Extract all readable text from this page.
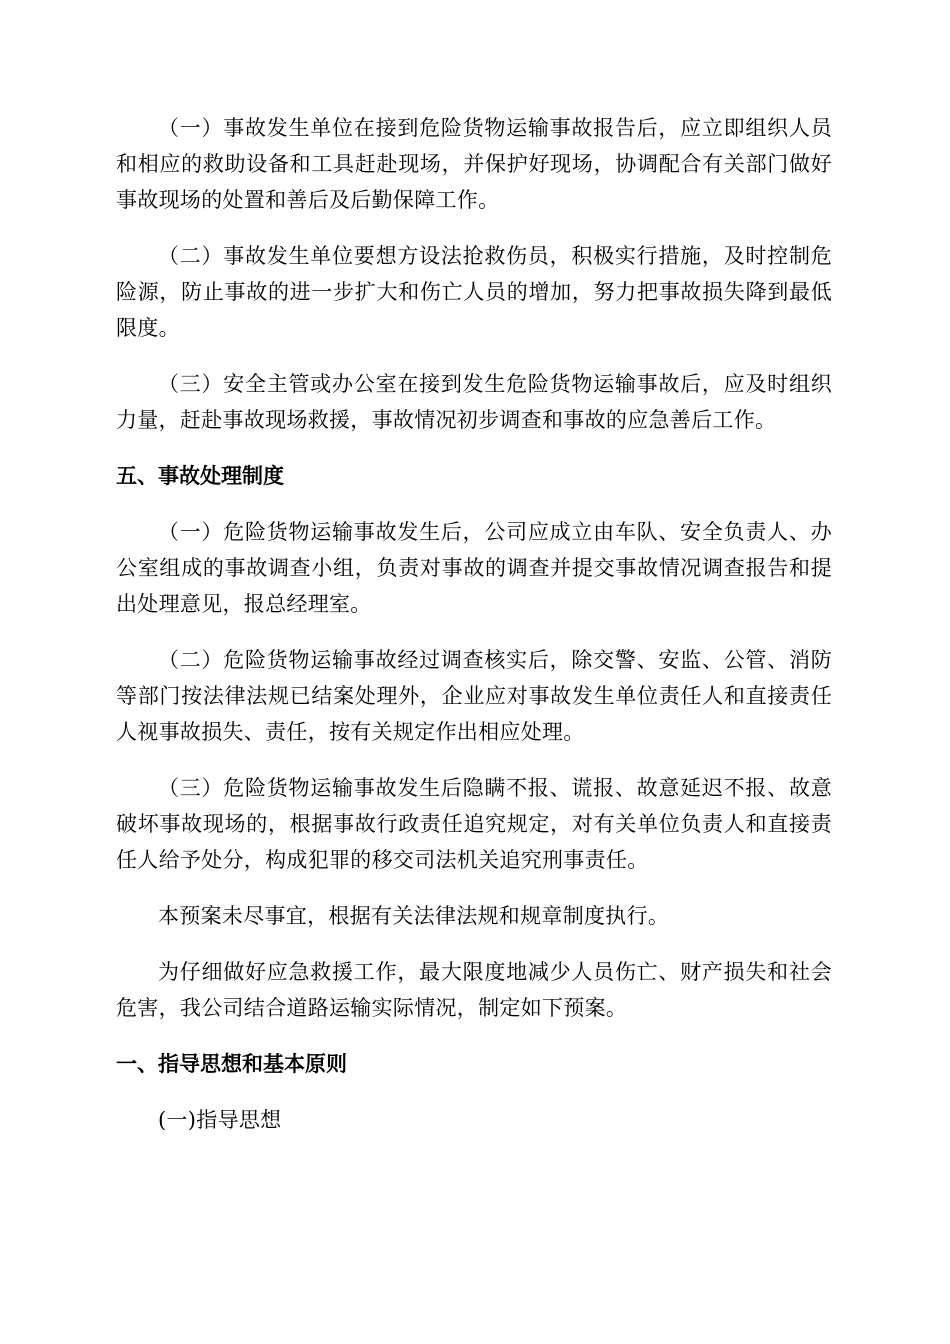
（一）事故发生单位在接到危险货物运输事故报告后，应立即组织人员和相应的救助设备和工具赶赴现场，并保护好现场，协调配合有关部门做好事故现场的处置和善后及后勤保障工作。

（二）事故发生单位要想方设法抢救伤员，积极实行措施，及时控制危险源，防止事故的进一步扩大和伤亡人员的增加，努力把事故损失降到最低限度。

（三）安全主管或办公室在接到发生危险货物运输事故后，应及时组织力量，赶赴事故现场救援，事故情况初步调查和事故的应急善后工作。

五、事故处理制度

（一）危险货物运输事故发生后，公司应成立由车队、安全负责人、办公室组成的事故调查小组，负责对事故的调查并提交事故情况调查报告和提出处理意见，报总经理室。

（二）危险货物运输事故经过调查核实后，除交警、安监、公管、消防等部门按法律法规已结案处理外，企业应对事故发生单位责任人和直接责任人视事故损失、责任，按有关规定作出相应处理。

（三）危险货物运输事故发生后隐瞒不报、谎报、故意延迟不报、故意破坏事故现场的，根据事故行政责任追究规定，对有关单位负责人和直接责任人给予处分，构成犯罪的移交司法机关追究刑事责任。

本预案未尽事宜，根据有关法律法规和规章制度执行。

为仔细做好应急救援工作，最大限度地减少人员伤亡、财产损失和社会危害，我公司结合道路运输实际情况，制定如下预案。

一、指导思想和基本原则

(一)指导思想
